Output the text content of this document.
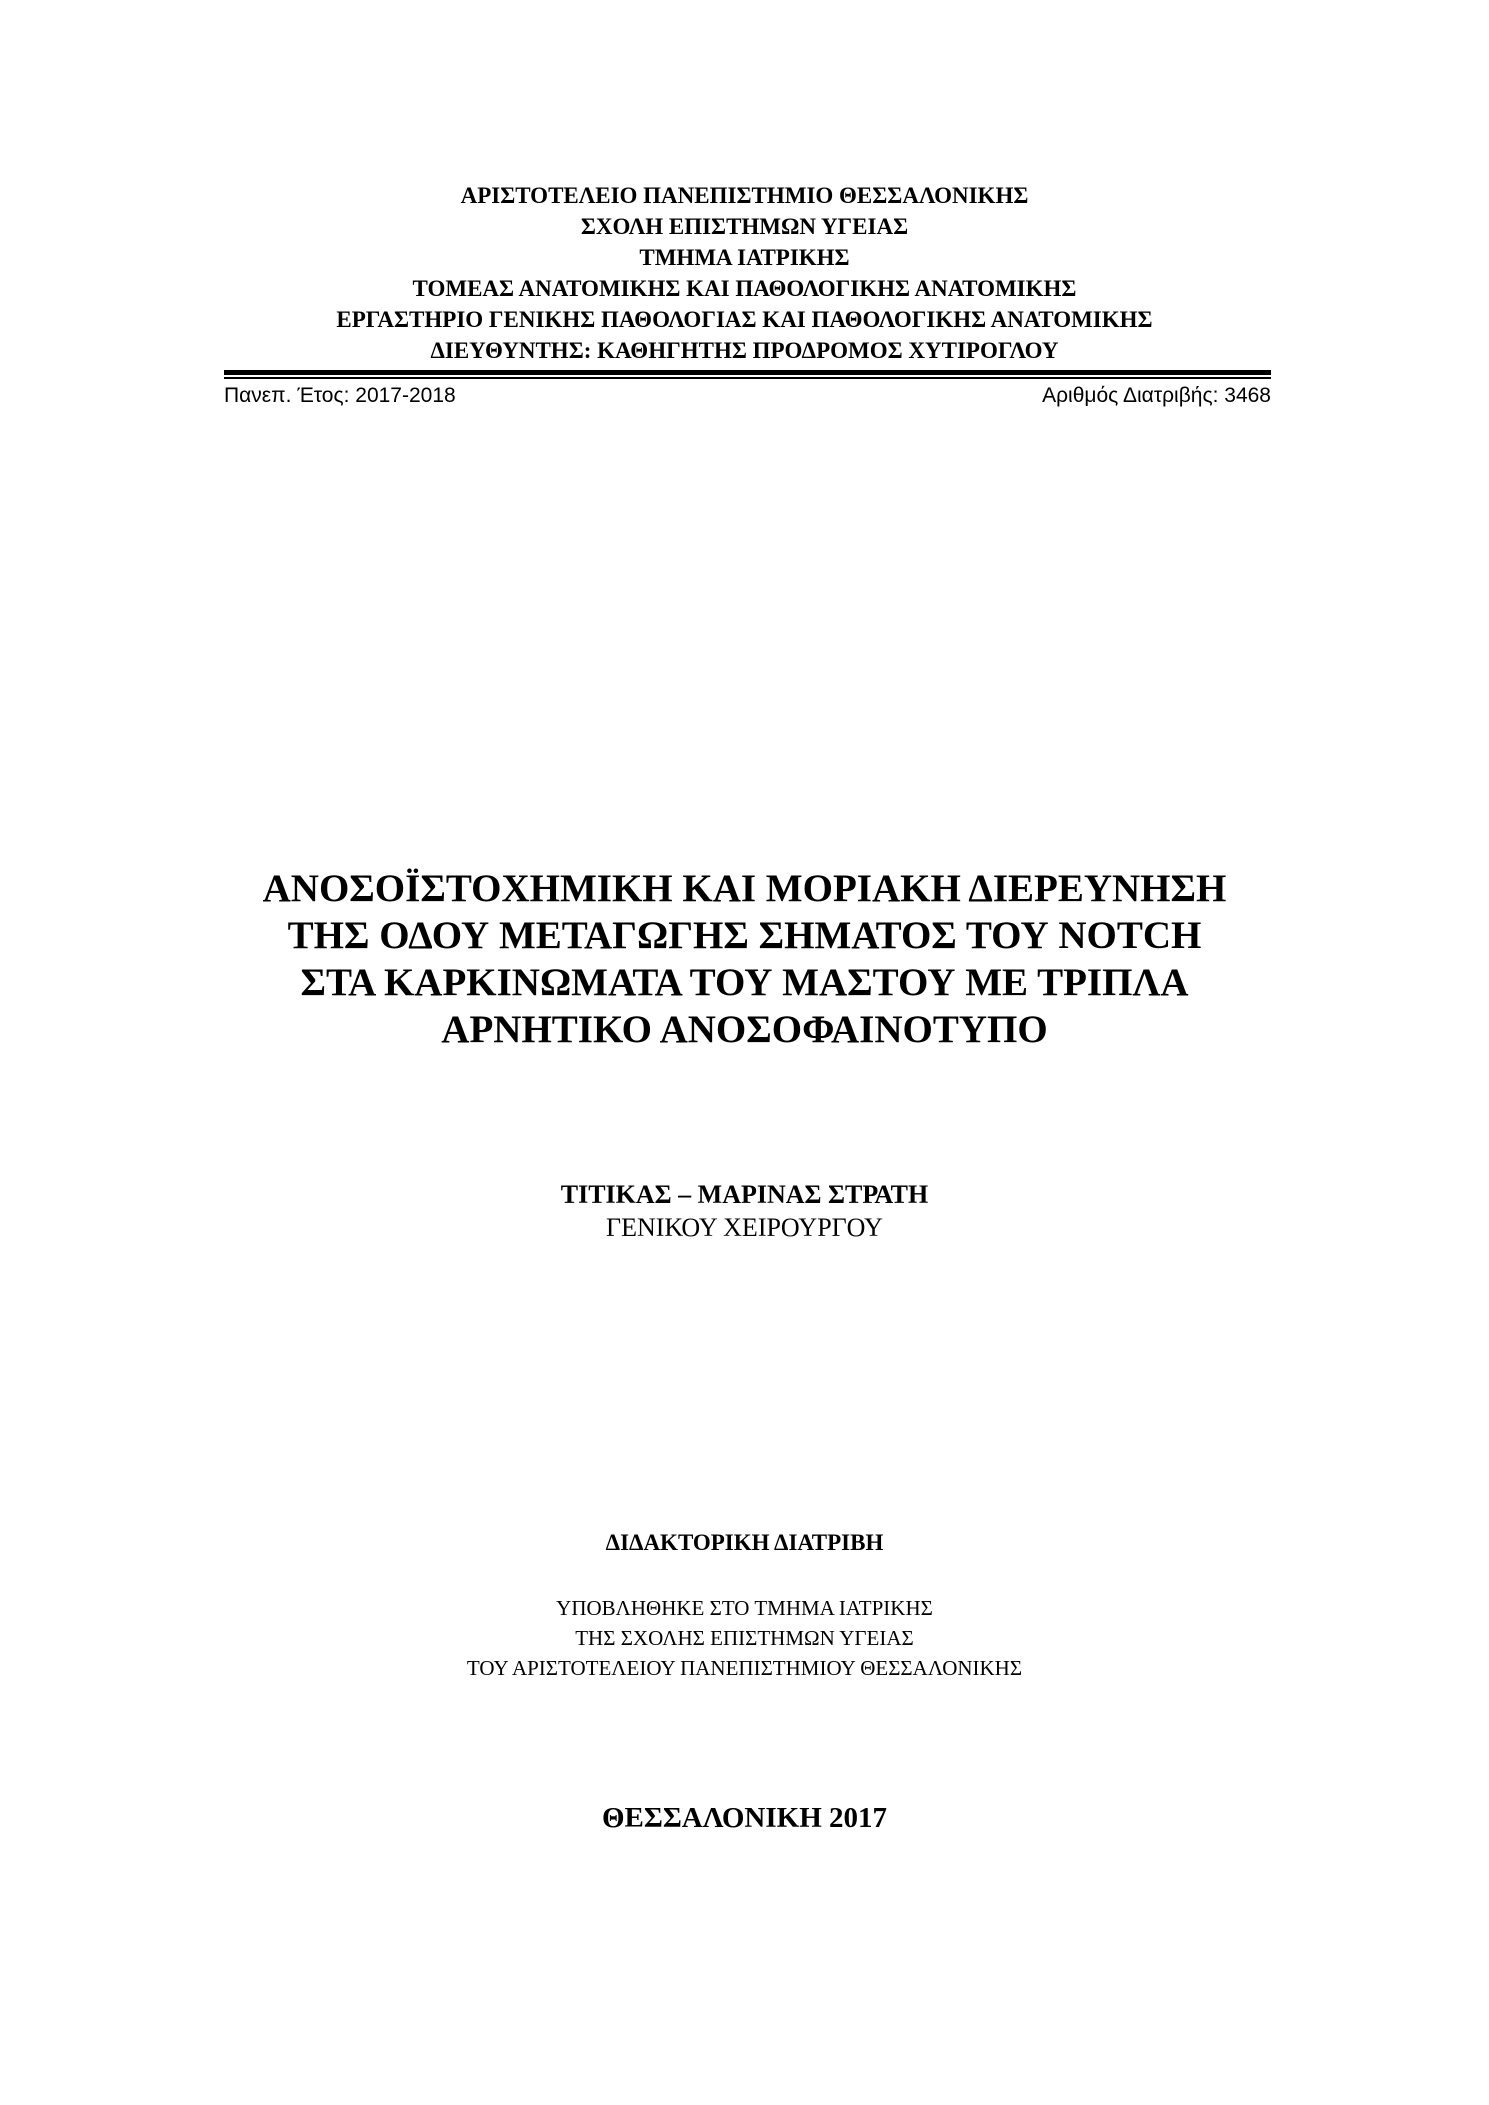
ΑΡΙΣΤΟΤΕΛΕΙΟ ΠΑΝΕΠΙΣΤΗΜΙΟ ΘΕΣΣΑΛΟΝΙΚΗΣ
ΣΧΟΛΗ ΕΠΙΣΤΗΜΩΝ ΥΓΕΙΑΣ
ΤΜΗΜΑ ΙΑΤΡΙΚΗΣ
ΤΟΜΕΑΣ ΑΝΑΤΟΜΙΚΗΣ ΚΑΙ ΠΑΘΟΛΟΓΙΚΗΣ ΑΝΑΤΟΜΙΚΗΣ
ΕΡΓΑΣΤΗΡΙΟ ΓΕΝΙΚΗΣ ΠΑΘΟΛΟΓΙΑΣ ΚΑΙ ΠΑΘΟΛΟΓΙΚΗΣ ΑΝΑΤΟΜΙΚΗΣ
ΔΙΕΥΘΥΝΤΗΣ: ΚΑΘΗΓΗΤΗΣ ΠΡΟΔΡΟΜΟΣ ΧΥΤΙΡΟΓΛΟΥ
Πανεπ. Έτος: 2017-2018	Αριθμός Διατριβής: 3468
ΑΝΟΣΟΪΣΤΟΧΗΜΙΚΗ ΚΑΙ ΜΟΡΙΑΚΗ ΔΙΕΡΕΥΝΗΣΗ
ΤΗΣ ΟΔΟΥ ΜΕΤΑΓΩΓΗΣ ΣΗΜΑΤΟΣ ΤΟΥ NOTCH
ΣΤΑ ΚΑΡΚΙΝΩΜΑΤΑ ΤΟΥ ΜΑΣΤΟΥ ΜΕ ΤΡΙΠΛΑ
ΑΡΝΗΤΙΚΟ ΑΝΟΣΟΦΑΙΝΟΤΥΠΟ
ΤΙΤΙΚΑΣ – ΜΑΡΙΝΑΣ ΣΤΡΑΤΗ
ΓΕΝΙΚΟΥ ΧΕΙΡΟΥΡΓΟΥ
ΔΙΔΑΚΤΟΡΙΚΗ ΔΙΑΤΡΙΒΗ
ΥΠΟΒΛΗΘΗΚΕ ΣΤΟ ΤΜΗΜΑ ΙΑΤΡΙΚΗΣ
ΤΗΣ ΣΧΟΛΗΣ ΕΠΙΣΤΗΜΩΝ ΥΓΕΙΑΣ
ΤΟΥ ΑΡΙΣΤΟΤΕΛΕΙΟΥ ΠΑΝΕΠΙΣΤΗΜΙΟΥ ΘΕΣΣΑΛΟΝΙΚΗΣ
ΘΕΣΣΑΛΟΝΙΚΗ 2017
